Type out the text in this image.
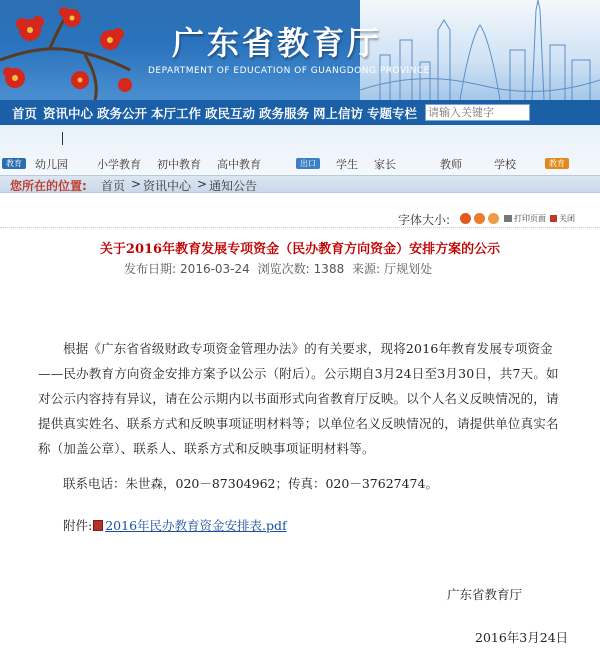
广东省教育厅
DEPARTMENT OF EDUCATION OF GUANGDONG PROVINCE
首页 资讯中心 政务公开 本厅工作 政民互动 政务服务 网上信访 专题专栏
请输入关键字
教育	幼儿园	小学教育 初中教育 高中教育	出口	学生 家长	教师	学校	教育
您所在的位置: 首页 > 资讯中心 > 通知公告
字体大小:	打印页面	关闭
关于2016年教育发展专项资金（民办教育方向资金）安排方案的公示
发布日期: 2016-03-24 浏览次数: 1388 来源: 厅规划处
根据《广东省省级财政专项资金管理办法》的有关要求，现将2016年教育发展专项资金——民办教育方向资金安排方案予以公示（附后）。公示期自3月24日至3月30日，共7天。如对公示内容持有异议，请在公示期内以书面形式向省教育厅反映。以个人名义反映情况的，请提供真实姓名、联系方式和反映事项证明材料等；以单位名义反映情况的，请提供单位真实名称（加盖公章）、联系人、联系方式和反映事项证明材料等。
联系电话：朱世森，020－87304962；传真：020－37627474。
附件: 2016年民办教育资金安排表.pdf
广东省教育厅
2016年3月24日
